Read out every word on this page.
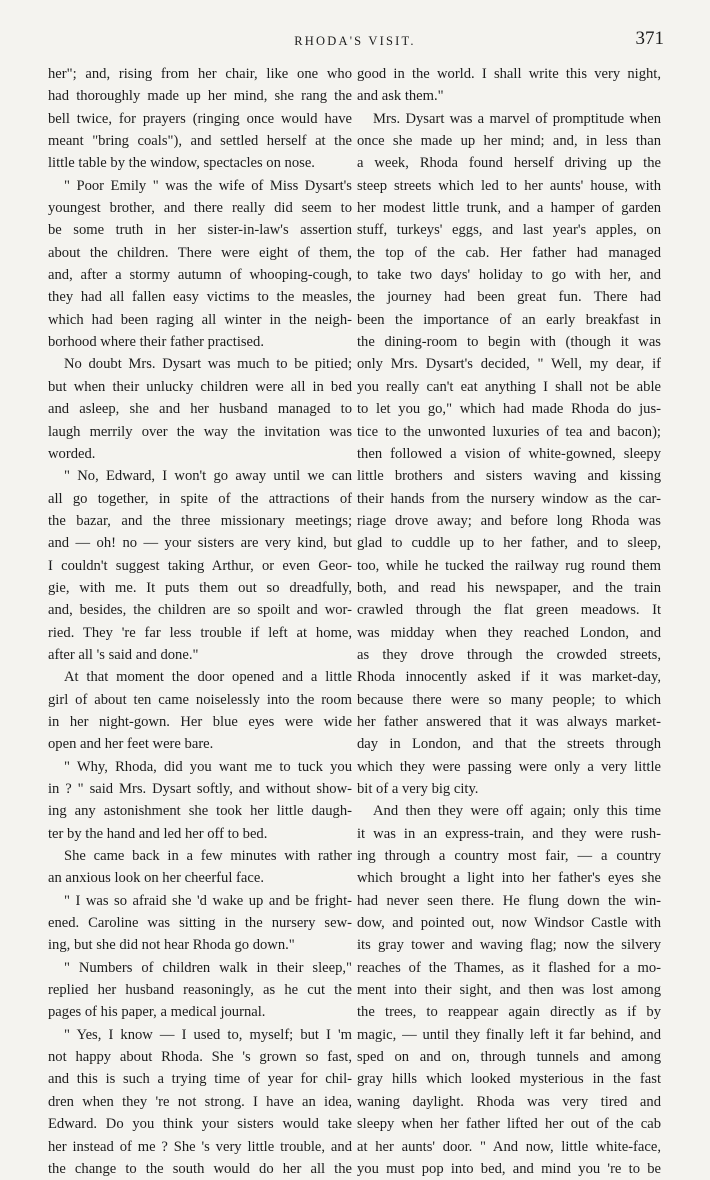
RHODA'S VISIT.	371
her"; and, rising from her chair, like one who
had thoroughly made up her mind, she rang the
bell twice, for prayers (ringing once would have
meant "bring coals"), and settled herself at the
little table by the window, spectacles on nose.
" Poor Emily " was the wife of Miss Dysart's
youngest brother, and there really did seem to
be some truth in her sister-in-law's assertion
about the children. There were eight of them,
and, after a stormy autumn of whooping-cough,
they had all fallen easy victims to the measles,
which had been raging all winter in the neigh-
borhood where their father practised.
No doubt Mrs. Dysart was much to be pitied;
but when their unlucky children were all in bed
and asleep, she and her husband managed to
laugh merrily over the way the invitation was
worded.
" No, Edward, I won't go away until we can
all go together, in spite of the attractions of
the bazar, and the three missionary meetings;
and — oh! no — your sisters are very kind, but
I couldn't suggest taking Arthur, or even Geor-
gie, with me. It puts them out so dreadfully,
and, besides, the children are so spoilt and wor-
ried. They 're far less trouble if left at home,
after all 's said and done."
At that moment the door opened and a little
girl of about ten came noiselessly into the room
in her night-gown. Her blue eyes were wide
open and her feet were bare.
" Why, Rhoda, did you want me to tuck you
in ? " said Mrs. Dysart softly, and without show-
ing any astonishment she took her little daugh-
ter by the hand and led her off to bed.
She came back in a few minutes with rather
an anxious look on her cheerful face.
" I was so afraid she 'd wake up and be fright-
ened. Caroline was sitting in the nursery sew-
ing, but she did not hear Rhoda go down."
" Numbers of children walk in their sleep,"
replied her husband reasoningly, as he cut the
pages of his paper, a medical journal.
" Yes, I know — I used to, myself; but I 'm
not happy about Rhoda. She 's grown so fast,
and this is such a trying time of year for chil-
dren when they 're not strong. I have an idea,
Edward. Do you think your sisters would take
her instead of me ? She 's very little trouble, and
the change to the south would do her all the
good in the world. I shall write this very night,
and ask them."
Mrs. Dysart was a marvel of promptitude when
once she made up her mind; and, in less than
a week, Rhoda found herself driving up the
steep streets which led to her aunts' house, with
her modest little trunk, and a hamper of garden
stuff, turkeys' eggs, and last year's apples, on
the top of the cab. Her father had managed
to take two days' holiday to go with her, and
the journey had been great fun. There had
been the importance of an early breakfast in
the dining-room to begin with (though it was
only Mrs. Dysart's decided, " Well, my dear, if
you really can't eat anything I shall not be able
to let you go," which had made Rhoda do jus-
tice to the unwonted luxuries of tea and bacon);
then followed a vision of white-gowned, sleepy
little brothers and sisters waving and kissing
their hands from the nursery window as the car-
riage drove away; and before long Rhoda was
glad to cuddle up to her father, and to sleep,
too, while he tucked the railway rug round them
both, and read his newspaper, and the train
crawled through the flat green meadows. It
was midday when they reached London, and
as they drove through the crowded streets,
Rhoda innocently asked if it was market-day,
because there were so many people; to which
her father answered that it was always market-
day in London, and that the streets through
which they were passing were only a very little
bit of a very big city.
And then they were off again; only this time
it was in an express-train, and they were rush-
ing through a country most fair, — a country
which brought a light into her father's eyes she
had never seen there. He flung down the win-
dow, and pointed out, now Windsor Castle with
its gray tower and waving flag; now the silvery
reaches of the Thames, as it flashed for a mo-
ment into their sight, and then was lost among
the trees, to reappear again directly as if by
magic, — until they finally left it far behind, and
sped on and on, through tunnels and among
gray hills which looked mysterious in the fast
waning daylight. Rhoda was very tired and
sleepy when her father lifted her out of the cab
at her aunts' door. " And now, little white-face,
you must pop into bed, and mind you 're to be
